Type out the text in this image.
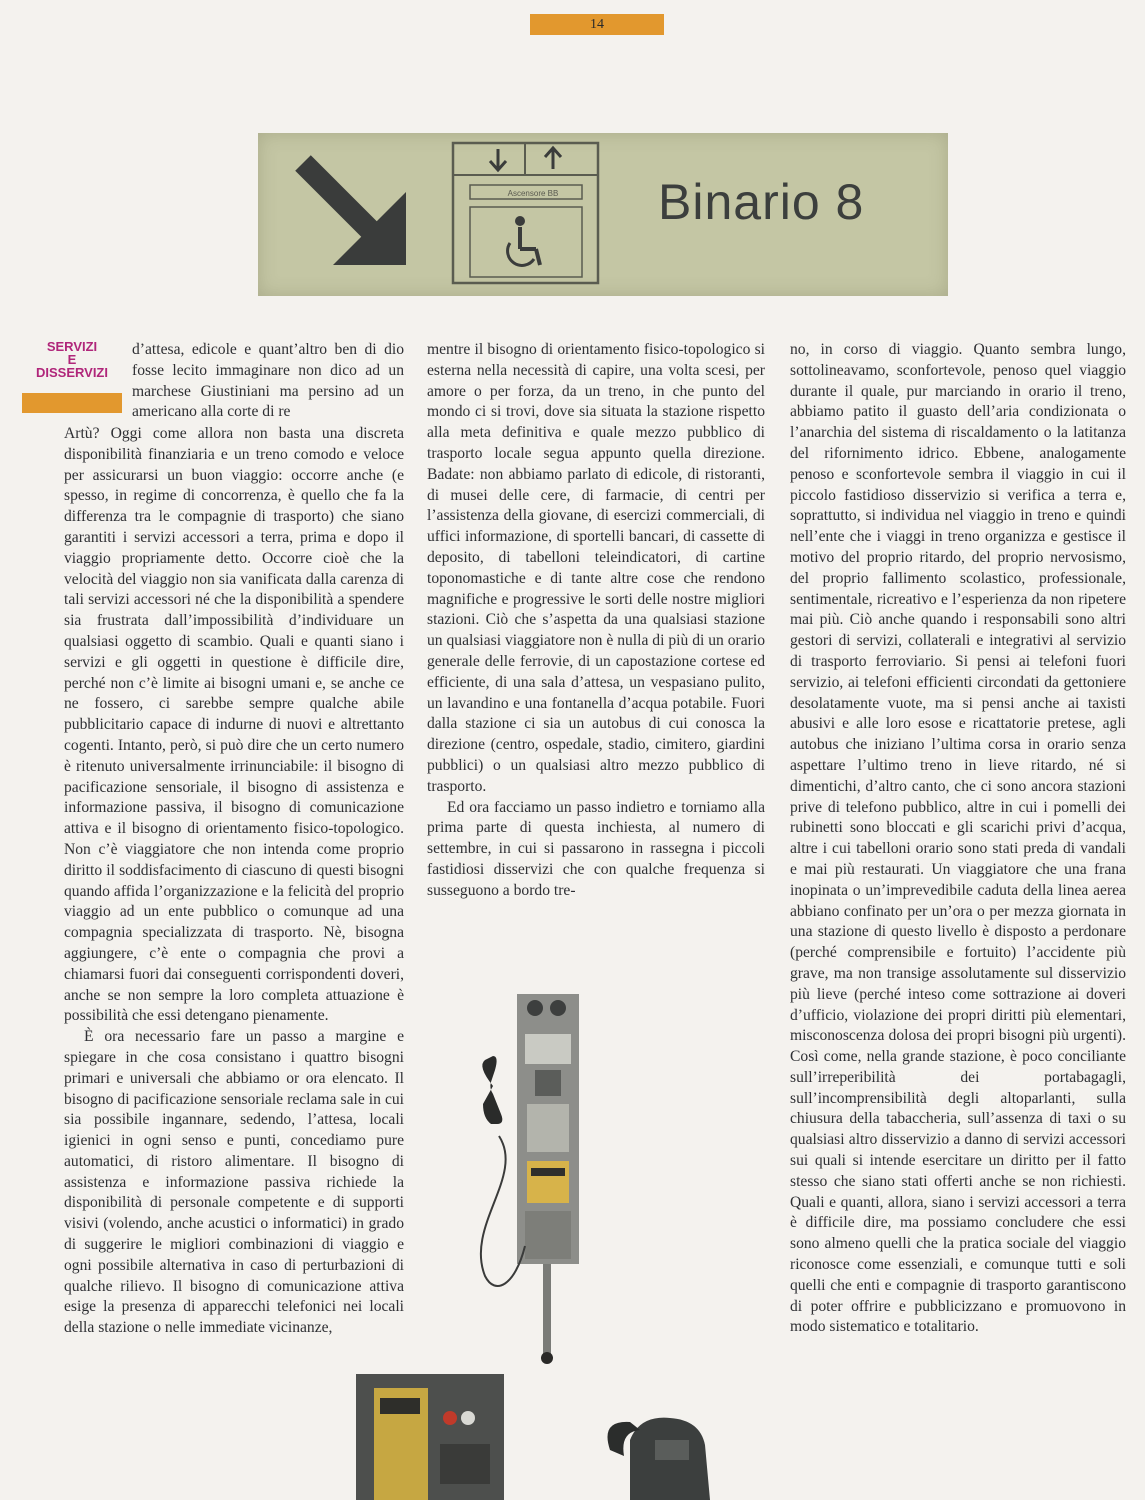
14
Ascensore BB	Binario 8
SERVIZI
E
DISSERVIZI

d’attesa, edicole e quant’altro ben di dio fosse lecito immaginare non dico ad un marchese Giustiniani ma persino ad un americano alla corte di re

Artù? Oggi come allora non basta una discreta disponibilità finanziaria e un treno comodo e veloce per assicurarsi un buon viaggio: occorre anche (e spesso, in regime di concorrenza, è quello che fa la differenza tra le compagnie di trasporto) che siano garantiti i servizi accessori a terra, prima e dopo il viaggio propriamente detto. Occorre cioè che la velocità del viaggio non sia vanificata dalla carenza di tali servizi accessori né che la disponibilità a spendere sia frustrata dall’impossibilità d’individuare un qualsiasi oggetto di scambio. Quali e quanti siano i servizi e gli oggetti in questione è difficile dire, perché non c’è limite ai bisogni umani e, se anche ce ne fossero, ci sarebbe sempre qualche abile pubblicitario capace di indurne di nuovi e altrettanto cogenti. Intanto, però, si può dire che un certo numero è ritenuto universalmente irrinunciabile: il bisogno di pacificazione sensoriale, il bisogno di assistenza e informazione passiva, il bisogno di comunicazione attiva e il bisogno di orientamento fisico-topologico. Non c’è viaggiatore che non intenda come proprio diritto il soddisfacimento di ciascuno di questi bisogni quando affida l’organizzazione e la felicità del proprio viaggio ad un ente pubblico o comunque ad una compagnia specializzata di trasporto. Nè, bisogna aggiungere, c’è ente o compagnia che provi a chiamarsi fuori dai conseguenti corrispondenti doveri, anche se non sempre la loro completa attuazione è possibilità che essi detengano pienamente.

È ora necessario fare un passo a margine e spiegare in che cosa consistano i quattro bisogni primari e universali che abbiamo or ora elencato. Il bisogno di pacificazione sensoriale reclama sale in cui sia possibile ingannare, sedendo, l’attesa, locali igienici in ogni senso e punti, concediamo pure automatici, di ristoro alimentare. Il bisogno di assistenza e informazione passiva richiede la disponibilità di personale competente e di supporti visivi (volendo, anche acustici o informatici) in grado di suggerire le migliori combinazioni di viaggio e ogni possibile alternativa in caso di perturbazioni di qualche rilievo. Il bisogno di comunicazione attiva esige la presenza di apparecchi telefonici nei locali della stazione o nelle immediate vicinanze,

mentre il bisogno di orientamento fisico-topologico si esterna nella necessità di capire, una volta scesi, per amore o per forza, da un treno, in che punto del mondo ci si trovi, dove sia situata la stazione rispetto alla meta definitiva e quale mezzo pubblico di trasporto locale segua appunto quella direzione. Badate: non abbiamo parlato di edicole, di ristoranti, di musei delle cere, di farmacie, di centri per l’assistenza della giovane, di esercizi commerciali, di uffici informazione, di sportelli bancari, di cassette di deposito, di tabelloni teleindicatori, di cartine toponomastiche e di tante altre cose che rendono magnifiche e progressive le sorti delle nostre migliori stazioni. Ciò che s’aspetta da una qualsiasi stazione un qualsiasi viaggiatore non è nulla di più di un orario generale delle ferrovie, di un capostazione cortese ed efficiente, di una sala d’attesa, un vespasiano pulito, un lavandino e una fontanella d’acqua potabile. Fuori dalla stazione ci sia un autobus di cui conosca la direzione (centro, ospedale, stadio, cimitero, giardini pubblici) o un qualsiasi altro mezzo pubblico di trasporto.

Ed ora facciamo un passo indietro e torniamo alla prima parte di questa inchiesta, al numero di settembre, in cui si passarono in rassegna i piccoli fastidiosi disservizi che con qualche frequenza si susseguono a bordo tre-

no, in corso di viaggio. Quanto sembra lungo, sottolineavamo, sconfortevole, penoso quel viaggio durante il quale, pur marciando in orario il treno, abbiamo patito il guasto dell’aria condizionata o l’anarchia del sistema di riscaldamento o la latitanza del rifornimento idrico. Ebbene, analogamente penoso e sconfortevole sembra il viaggio in cui il piccolo fastidioso disservizio si verifica a terra e, soprattutto, si individua nel viaggio in treno e quindi nell’ente che i viaggi in treno organizza e gestisce il motivo del proprio ritardo, del proprio nervosismo, del proprio fallimento scolastico, professionale, sentimentale, ricreativo e l’esperienza da non ripetere mai più. Ciò anche quando i responsabili sono altri gestori di servizi, collaterali e integrativi al servizio di trasporto ferroviario. Si pensi ai telefoni fuori servizio, ai telefoni efficienti circondati da gettoniere desolatamente vuote, ma si pensi anche ai taxisti abusivi e alle loro esose e ricattatorie pretese, agli autobus che iniziano l’ultima corsa in orario senza aspettare l’ultimo treno in lieve ritardo, né si dimentichi, d’altro canto, che ci sono ancora stazioni prive di telefono pubblico, altre in cui i pomelli dei rubinetti sono bloccati e gli scarichi privi d’acqua, altre i cui tabelloni orario sono stati preda di vandali e mai più restaurati. Un viaggiatore che una frana inopinata o un’imprevedibile caduta della linea aerea abbiano confinato per un’ora o per mezza giornata in una stazione di questo livello è disposto a perdonare (perché comprensibile e fortuito) l’accidente più grave, ma non transige assolutamente sul disservizio più lieve (perché inteso come sottrazione ai doveri d’ufficio, violazione dei propri diritti più elementari, misconoscenza dolosa dei propri bisogni più urgenti). Così come, nella grande stazione, è poco conciliante sull’irreperibilità dei portabagagli, sull’incomprensibilità degli altoparlanti, sulla chiusura della tabaccheria, sull’assenza di taxi o su qualsiasi altro disservizio a danno di servizi accessori sui quali si intende esercitare un diritto per il fatto stesso che siano stati offerti anche se non richiesti. Quali e quanti, allora, siano i servizi accessori a terra è difficile dire, ma possiamo concludere che essi sono almeno quelli che la pratica sociale del viaggio riconosce come essenziali, e comunque tutti e soli quelli che enti e compagnie di trasporto garantiscono di poter offrire e pubblicizzano e promuovono in modo sistematico e totalitario.
